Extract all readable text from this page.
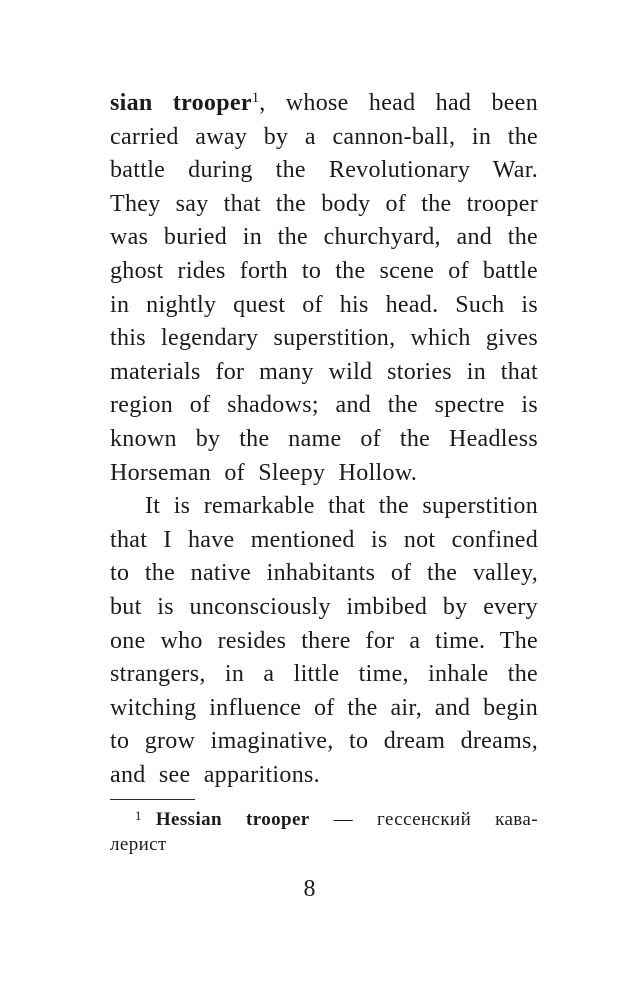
sian trooper$^1$, whose head had been
carried away by a cannon-ball, in the
battle during the Revolutionary War.
They say that the body of the trooper
was buried in the churchyard, and the
ghost rides forth to the scene of battle
in nightly quest of his head. Such is
this legendary superstition, which gives
materials for many wild stories in that
region of shadows; and the spectre is
known by the name of the Headless
Horseman of Sleepy Hollow.
It is remarkable that the superstition
that I have mentioned is not confined
to the native inhabitants of the valley,
but is unconsciously imbibed by every
one who resides there for a time. The
strangers, in a little time, inhale the
witching influence of the air, and begin
to grow imaginative, to dream dreams,
and see apparitions.
$^1$ Hessian trooper — гессенский кава-
лерист
8
